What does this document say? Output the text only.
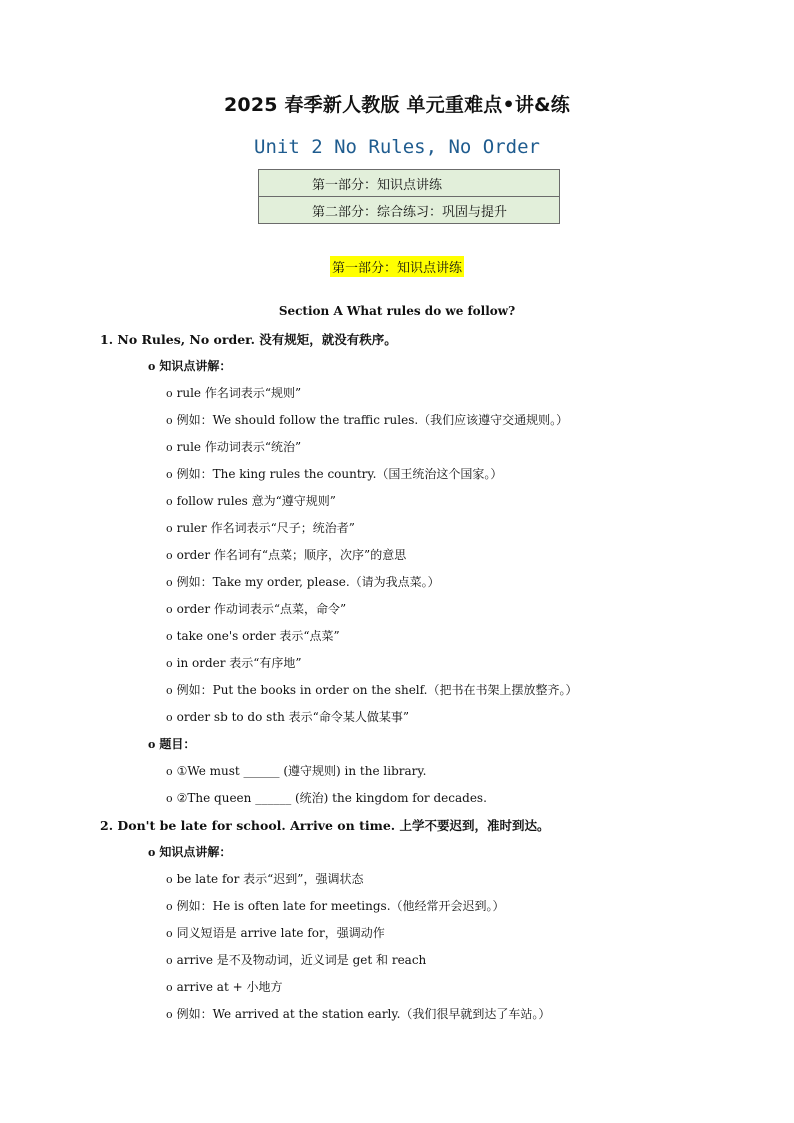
2025 春季新人教版 单元重难点•讲&练
Unit 2 No Rules, No Order
第一部分：知识点讲练
第二部分：综合练习：巩固与提升
第一部分：知识点讲练
Section A What rules do we follow?
1. No Rules, No order. 没有规矩，就没有秩序。
o 知识点讲解：
o rule 作名词表示“规则”
o 例如：We should follow the traffic rules.（我们应该遵守交通规则。）
o rule 作动词表示“统治”
o 例如：The king rules the country.（国王统治这个国家。）
o follow rules 意为“遵守规则”
o ruler 作名词表示“尺子；统治者”
o order 作名词有“点菜；顺序，次序”的意思
o 例如：Take my order, please.（请为我点菜。）
o order 作动词表示“点菜，命令”
o take one's order 表示“点菜”
o in order 表示“有序地”
o 例如：Put the books in order on the shelf.（把书在书架上摆放整齐。）
o order sb to do sth 表示“命令某人做某事”
o 题目：
o ①We must ______ (遵守规则) in the library.
o ②The queen ______ (统治) the kingdom for decades.
2. Don't be late for school. Arrive on time. 上学不要迟到，准时到达。
o 知识点讲解：
o be late for 表示“迟到”，强调状态
o 例如：He is often late for meetings.（他经常开会迟到。）
o 同义短语是 arrive late for，强调动作
o arrive 是不及物动词，近义词是 get 和 reach
o arrive at + 小地方
o 例如：We arrived at the station early.（我们很早就到达了车站。）
